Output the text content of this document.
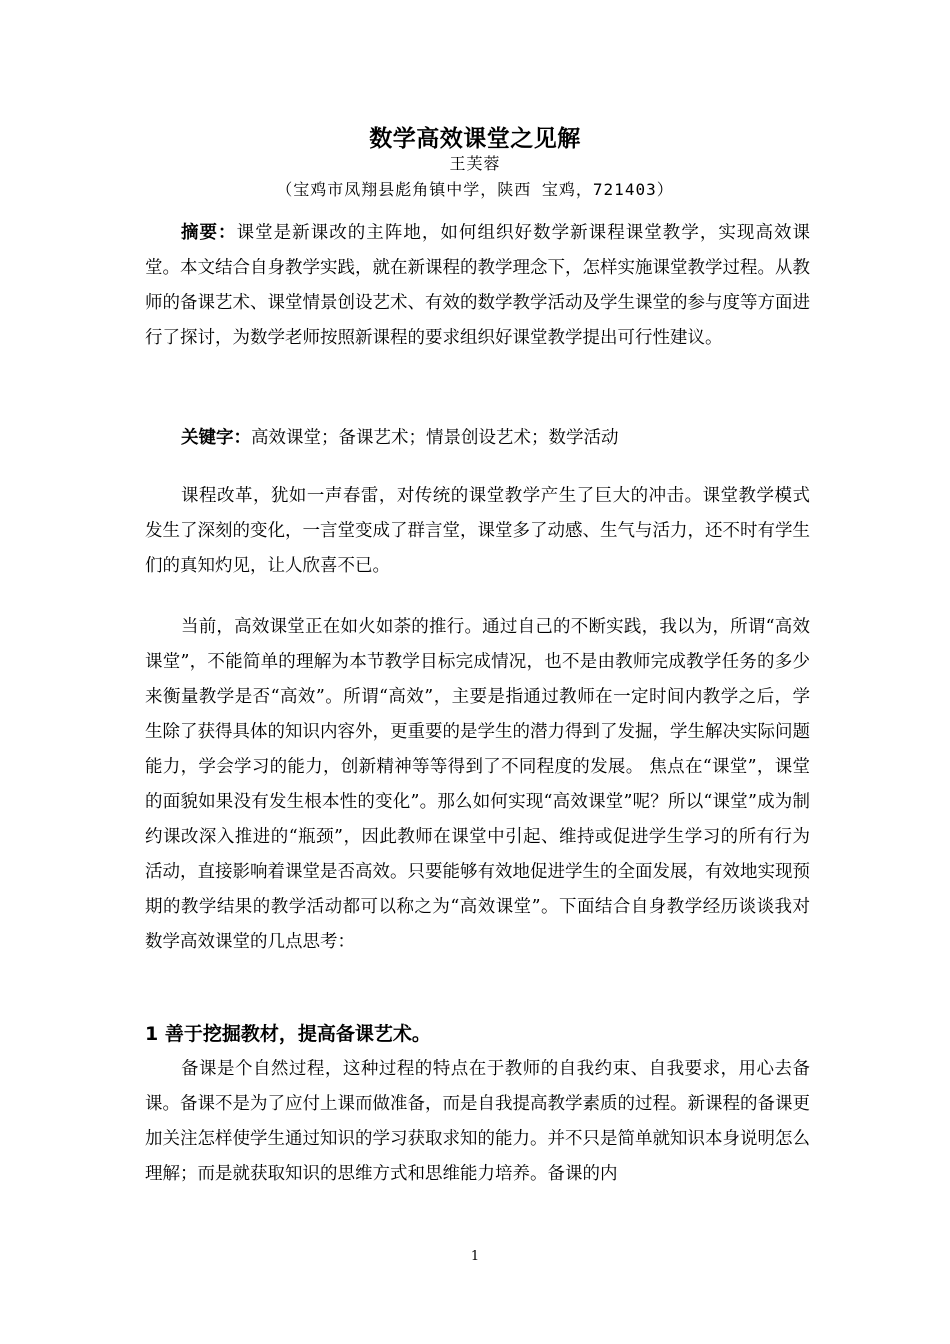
数学高效课堂之见解
王芙蓉
（宝鸡市凤翔县彪角镇中学，陕西 宝鸡，721403）

摘要：课堂是新课改的主阵地，如何组织好数学新课程课堂教学，实现高效课堂。本文结合自身教学实践，就在新课程的教学理念下，怎样实施课堂教学过程。从教师的备课艺术、课堂情景创设艺术、有效的数学教学活动及学生课堂的参与度等方面进行了探讨，为数学老师按照新课程的要求组织好课堂教学提出可行性建议。

关键字：高效课堂；备课艺术；情景创设艺术；数学活动

课程改革，犹如一声春雷，对传统的课堂教学产生了巨大的冲击。课堂教学模式发生了深刻的变化，一言堂变成了群言堂，课堂多了动感、生气与活力，还不时有学生们的真知灼见，让人欣喜不已。

当前，高效课堂正在如火如荼的推行。通过自己的不断实践，我以为，所谓“高效课堂”，不能简单的理解为本节教学目标完成情况，也不是由教师完成教学任务的多少来衡量教学是否“高效”。所谓“高效”，主要是指通过教师在一定时间内教学之后，学生除了获得具体的知识内容外，更重要的是学生的潜力得到了发掘，学生解决实际问题能力，学会学习的能力，创新精神等等得到了不同程度的发展。 焦点在“课堂”，课堂的面貌如果没有发生根本性的变化”。那么如何实现“高效课堂”呢？所以“课堂”成为制约课改深入推进的“瓶颈”，因此教师在课堂中引起、维持或促进学生学习的所有行为活动，直接影响着课堂是否高效。只要能够有效地促进学生的全面发展，有效地实现预期的教学结果的教学活动都可以称之为“高效课堂”。下面结合自身教学经历谈谈我对数学高效课堂的几点思考：

1 善于挖掘教材，提高备课艺术。

备课是个自然过程，这种过程的特点在于教师的自我约束、自我要求，用心去备课。备课不是为了应付上课而做准备，而是自我提高教学素质的过程。新课程的备课更加关注怎样使学生通过知识的学习获取求知的能力。并不只是简单就知识本身说明怎么理解；而是就获取知识的思维方式和思维能力培养。备课的内

1
